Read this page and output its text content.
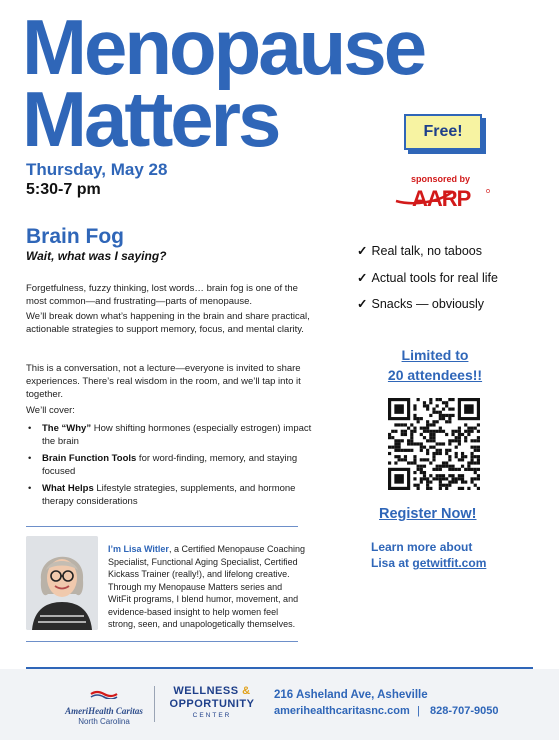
Menopause
Matters	Free!
Thursday, May 28
5:30-7 pm
sponsored by
AARP
Brain Fog
Wait, what was I saying?

Forgetfulness, fuzzy thinking, lost words… brain fog is one of the most common—and frustrating—parts of menopause.

We’ll break down what’s happening in the brain and share practical, actionable strategies to support memory, focus, and mental clarity.

This is a conversation, not a lecture—everyone is invited to share experiences. There’s real wisdom in the room, and we’ll tap into it together.

We’ll cover:

• The “Why” How shifting hormones (especially estrogen) impact the brain
• Brain Function Tools for word-finding, memory, and staying focused
• What Helps Lifestyle strategies, supplements, and hormone therapy considerations

I’m Lisa Witler, a Certified Menopause Coaching Specialist, Functional Aging Specialist, Certified Kickass Trainer (really!), and lifelong creative. Through my Menopause Matters series and WitFit programs, I blend humor, movement, and evidence-based insight to help women feel strong, seen, and unapologetically themselves.

✓ Real talk, no taboos
✓ Actual tools for real life
✓ Snacks — obviously
Limited to
20 attendees!!
Register Now!
Learn more about
Lisa at getwitfit.com
AmeriHealth Caritas
North Carolina
WELLNESS &
OPPORTUNITY
CENTER
216 Asheland Ave, Asheville
amerihealthcaritasnc.com | 828-707-9050
